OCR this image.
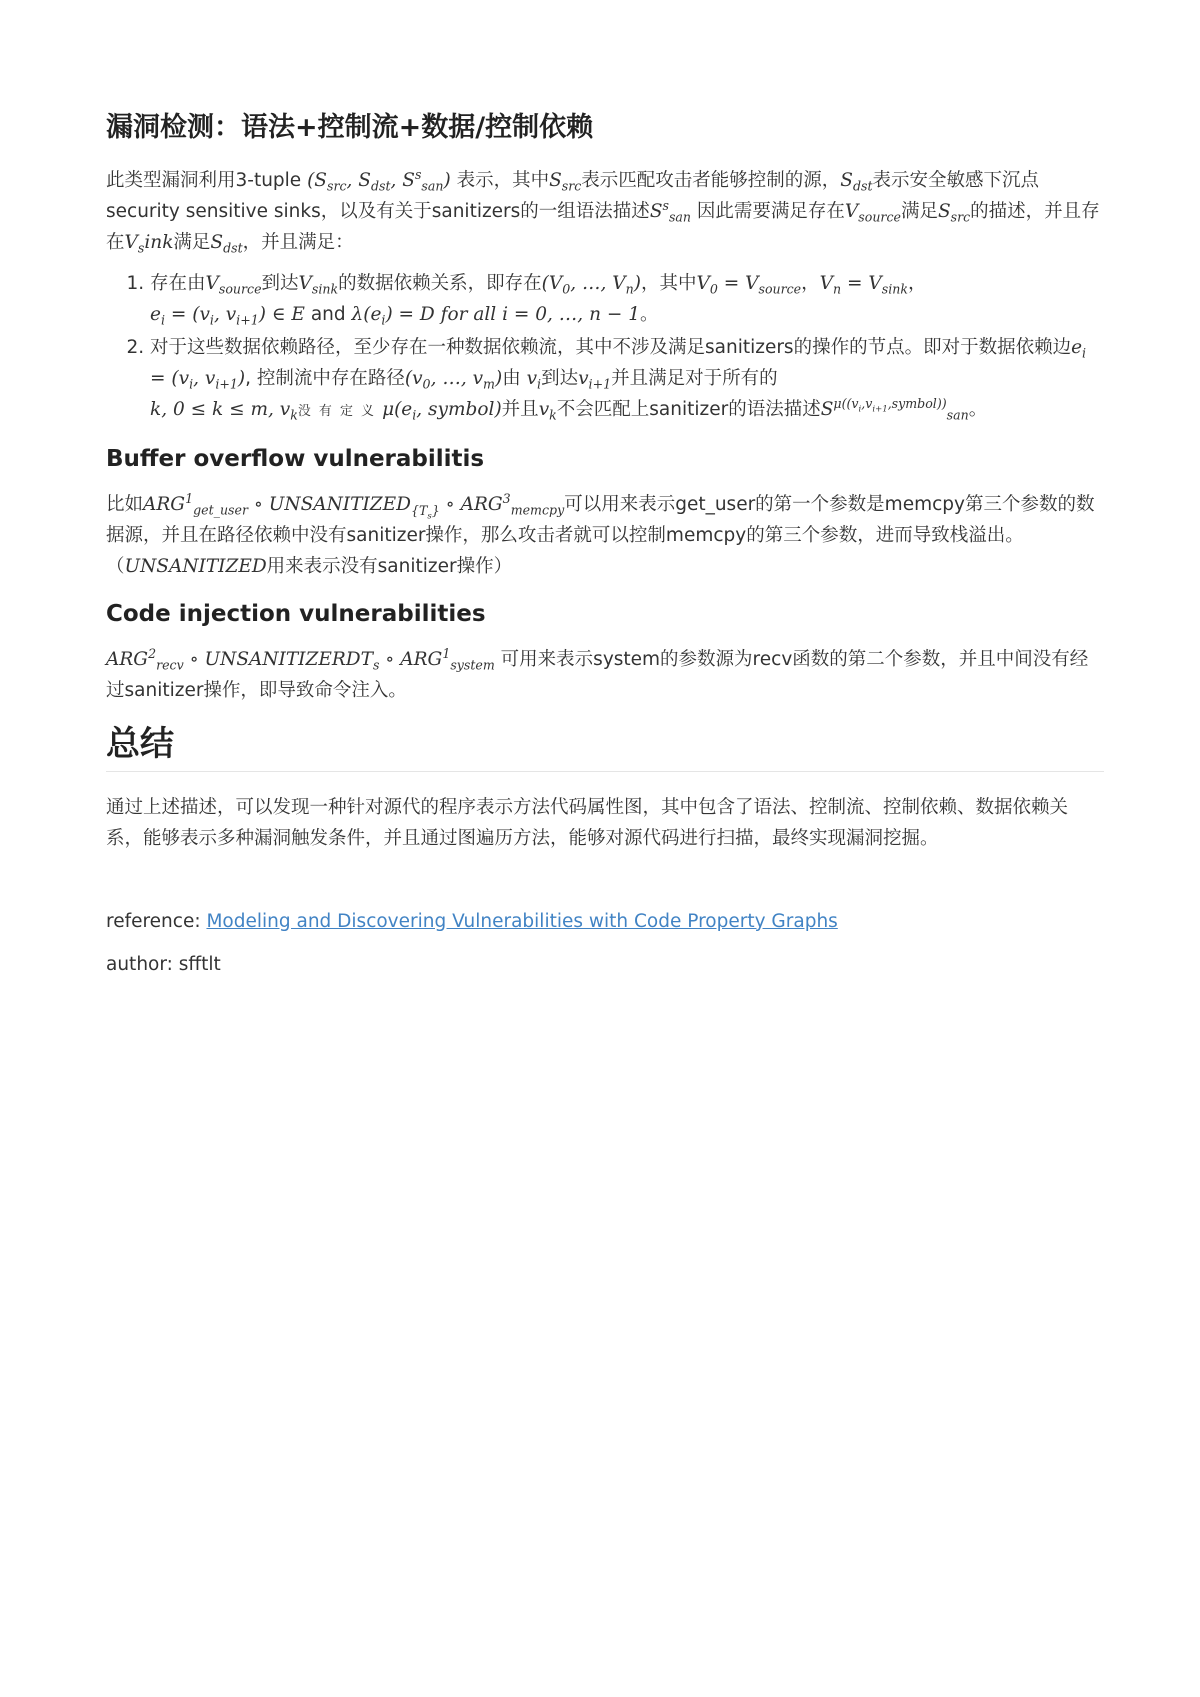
漏洞检测：语法+控制流+数据/控制依赖

此类型漏洞利用3-tuple ($S_{src}$, $S_{dst}$, $S^s_{san}$) 表示，其中$S_{src}$表示匹配攻击者能够控制的源，$S_{dst}$表示安全敏感下沉点security sensitive sinks，以及有关于sanitizers的一组语法描述$S^s_{san}$ 因此需要满足存在$V_{source}$满足$S_{src}$的描述，并且存在$V_sink$满足$S_{dst}$，并且满足：

1. 存在由$V_{source}$到达$V_{sink}$的数据依赖关系，即存在($V_0$, …, $V_n$)，其中$V_0 = V_{source}$，$V_n = V_{sink}$，
$e_i = (v_i$, $v_{i+1}$) ∈ E and $\lambda(e_i) = D$ for all i = 0, …, n − 1。
2. 对于这些数据依赖路径，至少存在一种数据依赖流，其中不涉及满足sanitizers的操作的节点。即对于数据依赖边$e_i = (v_i$, $v_{i+1}$), 控制流中存在路径($v_0$, …, $v_m$)由 $v_i$到达$v_{i+1}$并且满足对于所有的
k, 0 ≤ k ≤ m, $v_k$没 有 定 义 $\mu(e_i$, symbol)并且$v_k$不会匹配上sanitizer的语法描述$S^{\mu((v_i,v_{i+1},symbol))}_{san}$。
Buffer overflow vulnerabilitis

比如$ARG^1_{get\_user}$ ∘ $UNSANITIZED_{\{T_s\}}$ ∘ $ARG^3_{memcpy}$可以用来表示get_user的第一个参数是memcpy第三个参数的数据源，并且在路径依赖中没有sanitizer操作，那么攻击者就可以控制memcpy的第三个参数，进而导致栈溢出。（UNSANITIZED用来表示没有sanitizer操作）

Code injection vulnerabilities

$ARG^2_{recv}$ ∘ $UNSANITIZERDT_s$ ∘ $ARG^1_{system}$ 可用来表示system的参数源为recv函数的第二个参数，并且中间没有经过sanitizer操作，即导致命令注入。

总结

通过上述描述，可以发现一种针对源代的程序表示方法代码属性图，其中包含了语法、控制流、控制依赖、数据依赖关系，能够表示多种漏洞触发条件，并且通过图遍历方法，能够对源代码进行扫描，最终实现漏洞挖掘。

reference: Modeling and Discovering Vulnerabilities with Code Property Graphs

author: sfftlt
